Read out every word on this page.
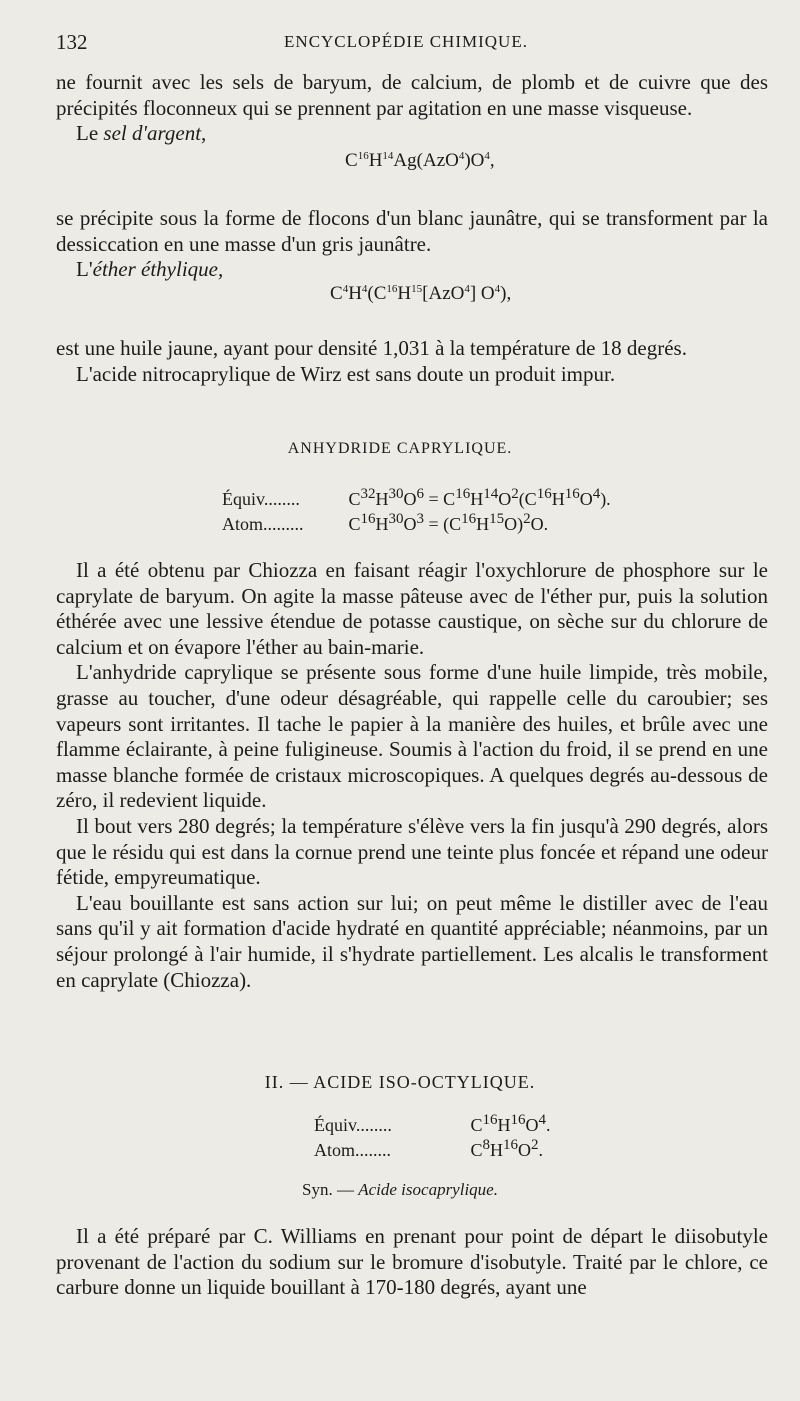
132	ENCYCLOPÉDIE CHIMIQUE.

ne fournit avec les sels de baryum, de calcium, de plomb et de cuivre que des précipités floconneux qui se prennent par agitation en une masse visqueuse.

Le sel d'argent,

$C^{16}H^{14}Ag(AzO^4)O^4$,

se précipite sous la forme de flocons d'un blanc jaunâtre, qui se transforment par la dessiccation en une masse d'un gris jaunâtre.

L'éther éthylique,

$C^4H^4(C^{16}H^{15}[AzO^4]$ $O^4$),

est une huile jaune, ayant pour densité 1,031 à la température de 18 degrés.

L'acide nitrocaprylique de Wirz est sans doute un produit impur.

ANHYDRIDE CAPRYLIQUE.
Équiv........	$C^{32}H^{30}O^6 = C^{16}H^{14}O^2(C^{16}H^{16}O^4)$.
Atom......... $C^{16}H^{30}O^3 = (C^{16}H^{15}O)^2O$.

Il a été obtenu par Chiozza en faisant réagir l'oxychlorure de phosphore sur le caprylate de baryum. On agite la masse pâteuse avec de l'éther pur, puis la solution éthérée avec une lessive étendue de potasse caustique, on sèche sur du chlorure de calcium et on évapore l'éther au bain-marie.

L'anhydride caprylique se présente sous forme d'une huile limpide, très mobile, grasse au toucher, d'une odeur désagréable, qui rappelle celle du caroubier; ses vapeurs sont irritantes. Il tache le papier à la manière des huiles, et brûle avec une flamme éclairante, à peine fuligineuse. Soumis à l'action du froid, il se prend en une masse blanche formée de cristaux microscopiques. A quelques degrés au-dessous de zéro, il redevient liquide.

Il bout vers 280 degrés; la température s'élève vers la fin jusqu'à 290 degrés, alors que le résidu qui est dans la cornue prend une teinte plus foncée et répand une odeur fétide, empyreumatique.

L'eau bouillante est sans action sur lui; on peut même le distiller avec de l'eau sans qu'il y ait formation d'acide hydraté en quantité appréciable; néanmoins, par un séjour prolongé à l'air humide, il s'hydrate partiellement. Les alcalis le transforment en caprylate (Chiozza).

II. — ACIDE ISO-OCTYLIQUE.
Équiv........	$C^{16}H^{16}O^4$.
Atom........	$C^8H^{16}O^2$.
Syn. — Acide isocaprylique.

Il a été préparé par C. Williams en prenant pour point de départ le diisobutyle provenant de l'action du sodium sur le bromure d'isobutyle. Traité par le chlore, ce carbure donne un liquide bouillant à 170-180 degrés, ayant une
